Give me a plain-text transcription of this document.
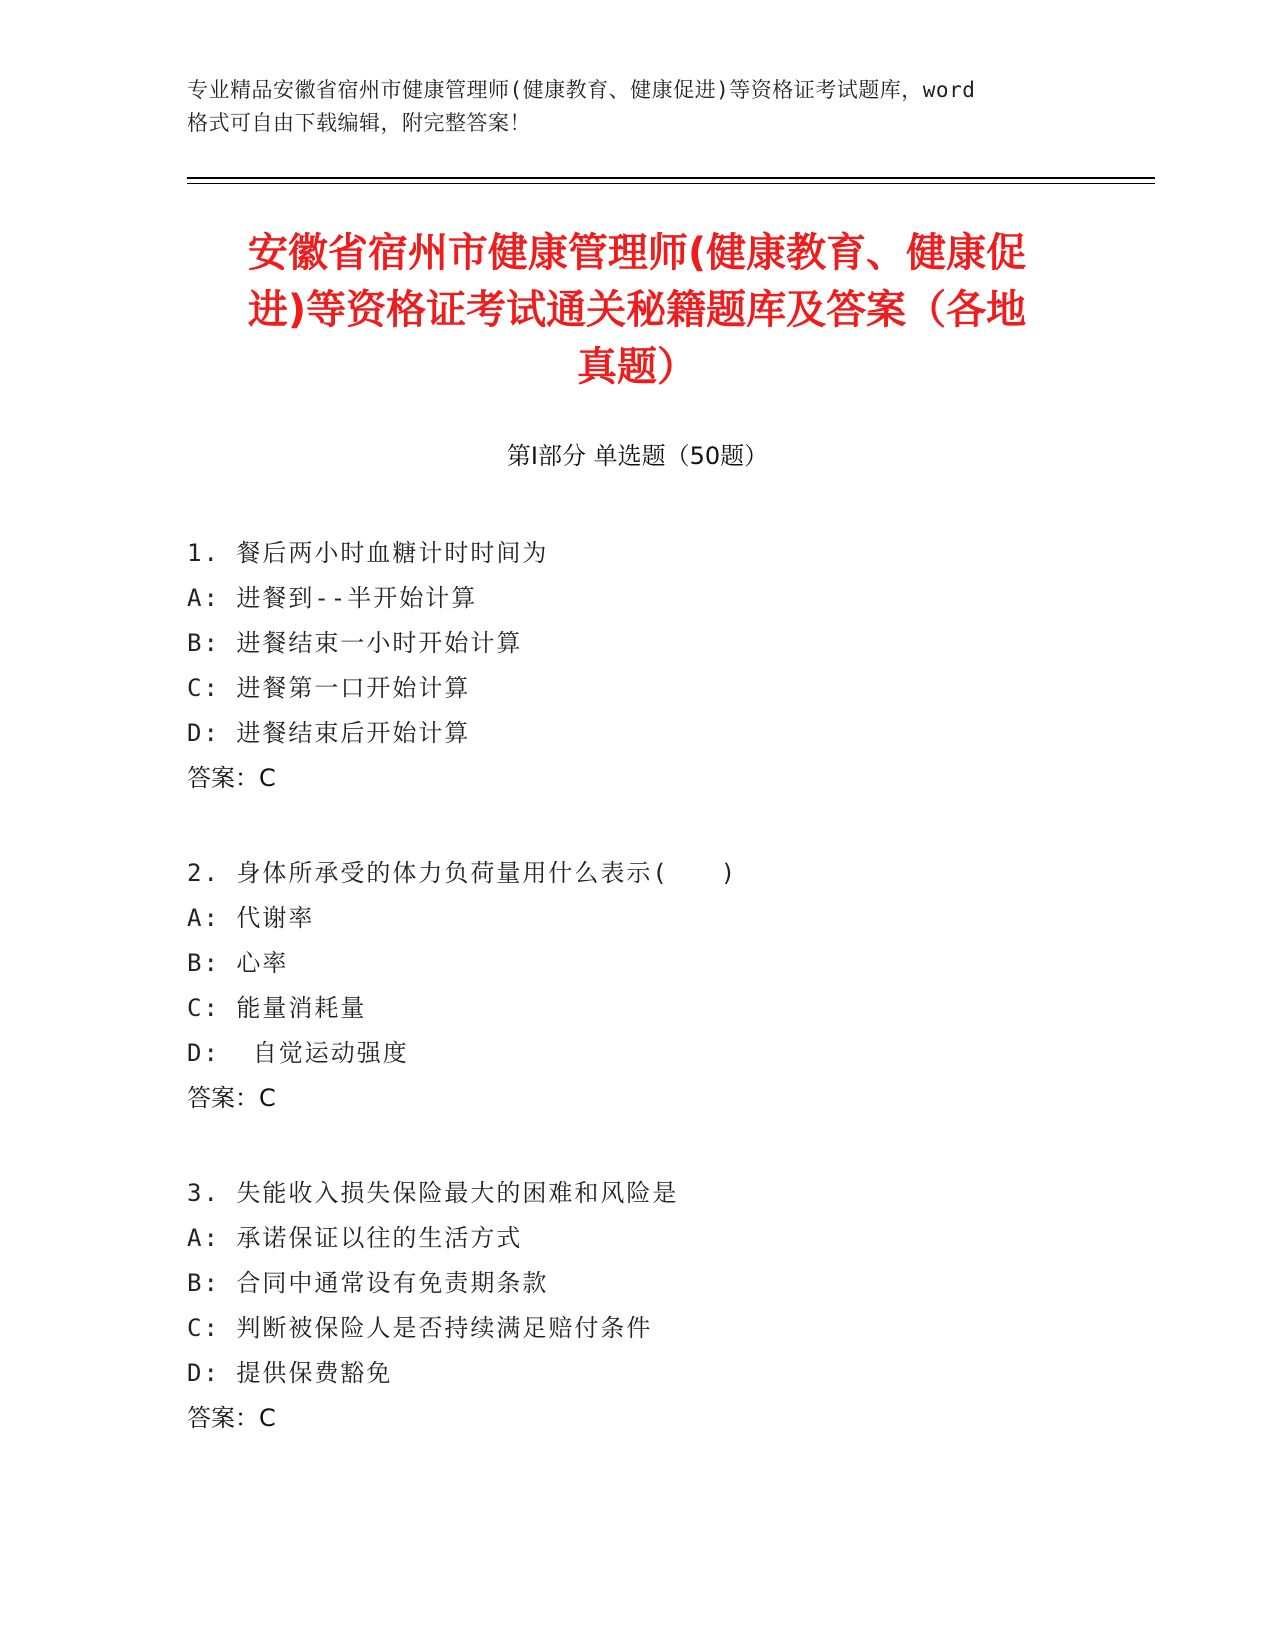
专业精品安徽省宿州市健康管理师(健康教育、健康促进)等资格证考试题库，word
格式可自由下载编辑，附完整答案！
安徽省宿州市健康管理师(健康教育、健康促
进)等资格证考试通关秘籍题库及答案（各地
真题）
第Ⅰ部分 单选题（50题）
1. 餐后两小时血糖计时时间为
A: 进餐到--半开始计算
B: 进餐结束一小时开始计算
C: 进餐第一口开始计算
D: 进餐结束后开始计算
答案：C
2. 身体所承受的体力负荷量用什么表示(　　)
A: 代谢率
B: 心率
C: 能量消耗量
D:  自觉运动强度
答案：C
3. 失能收入损失保险最大的困难和风险是
A: 承诺保证以往的生活方式
B: 合同中通常设有免责期条款
C: 判断被保险人是否持续满足赔付条件
D: 提供保费豁免
答案：C
